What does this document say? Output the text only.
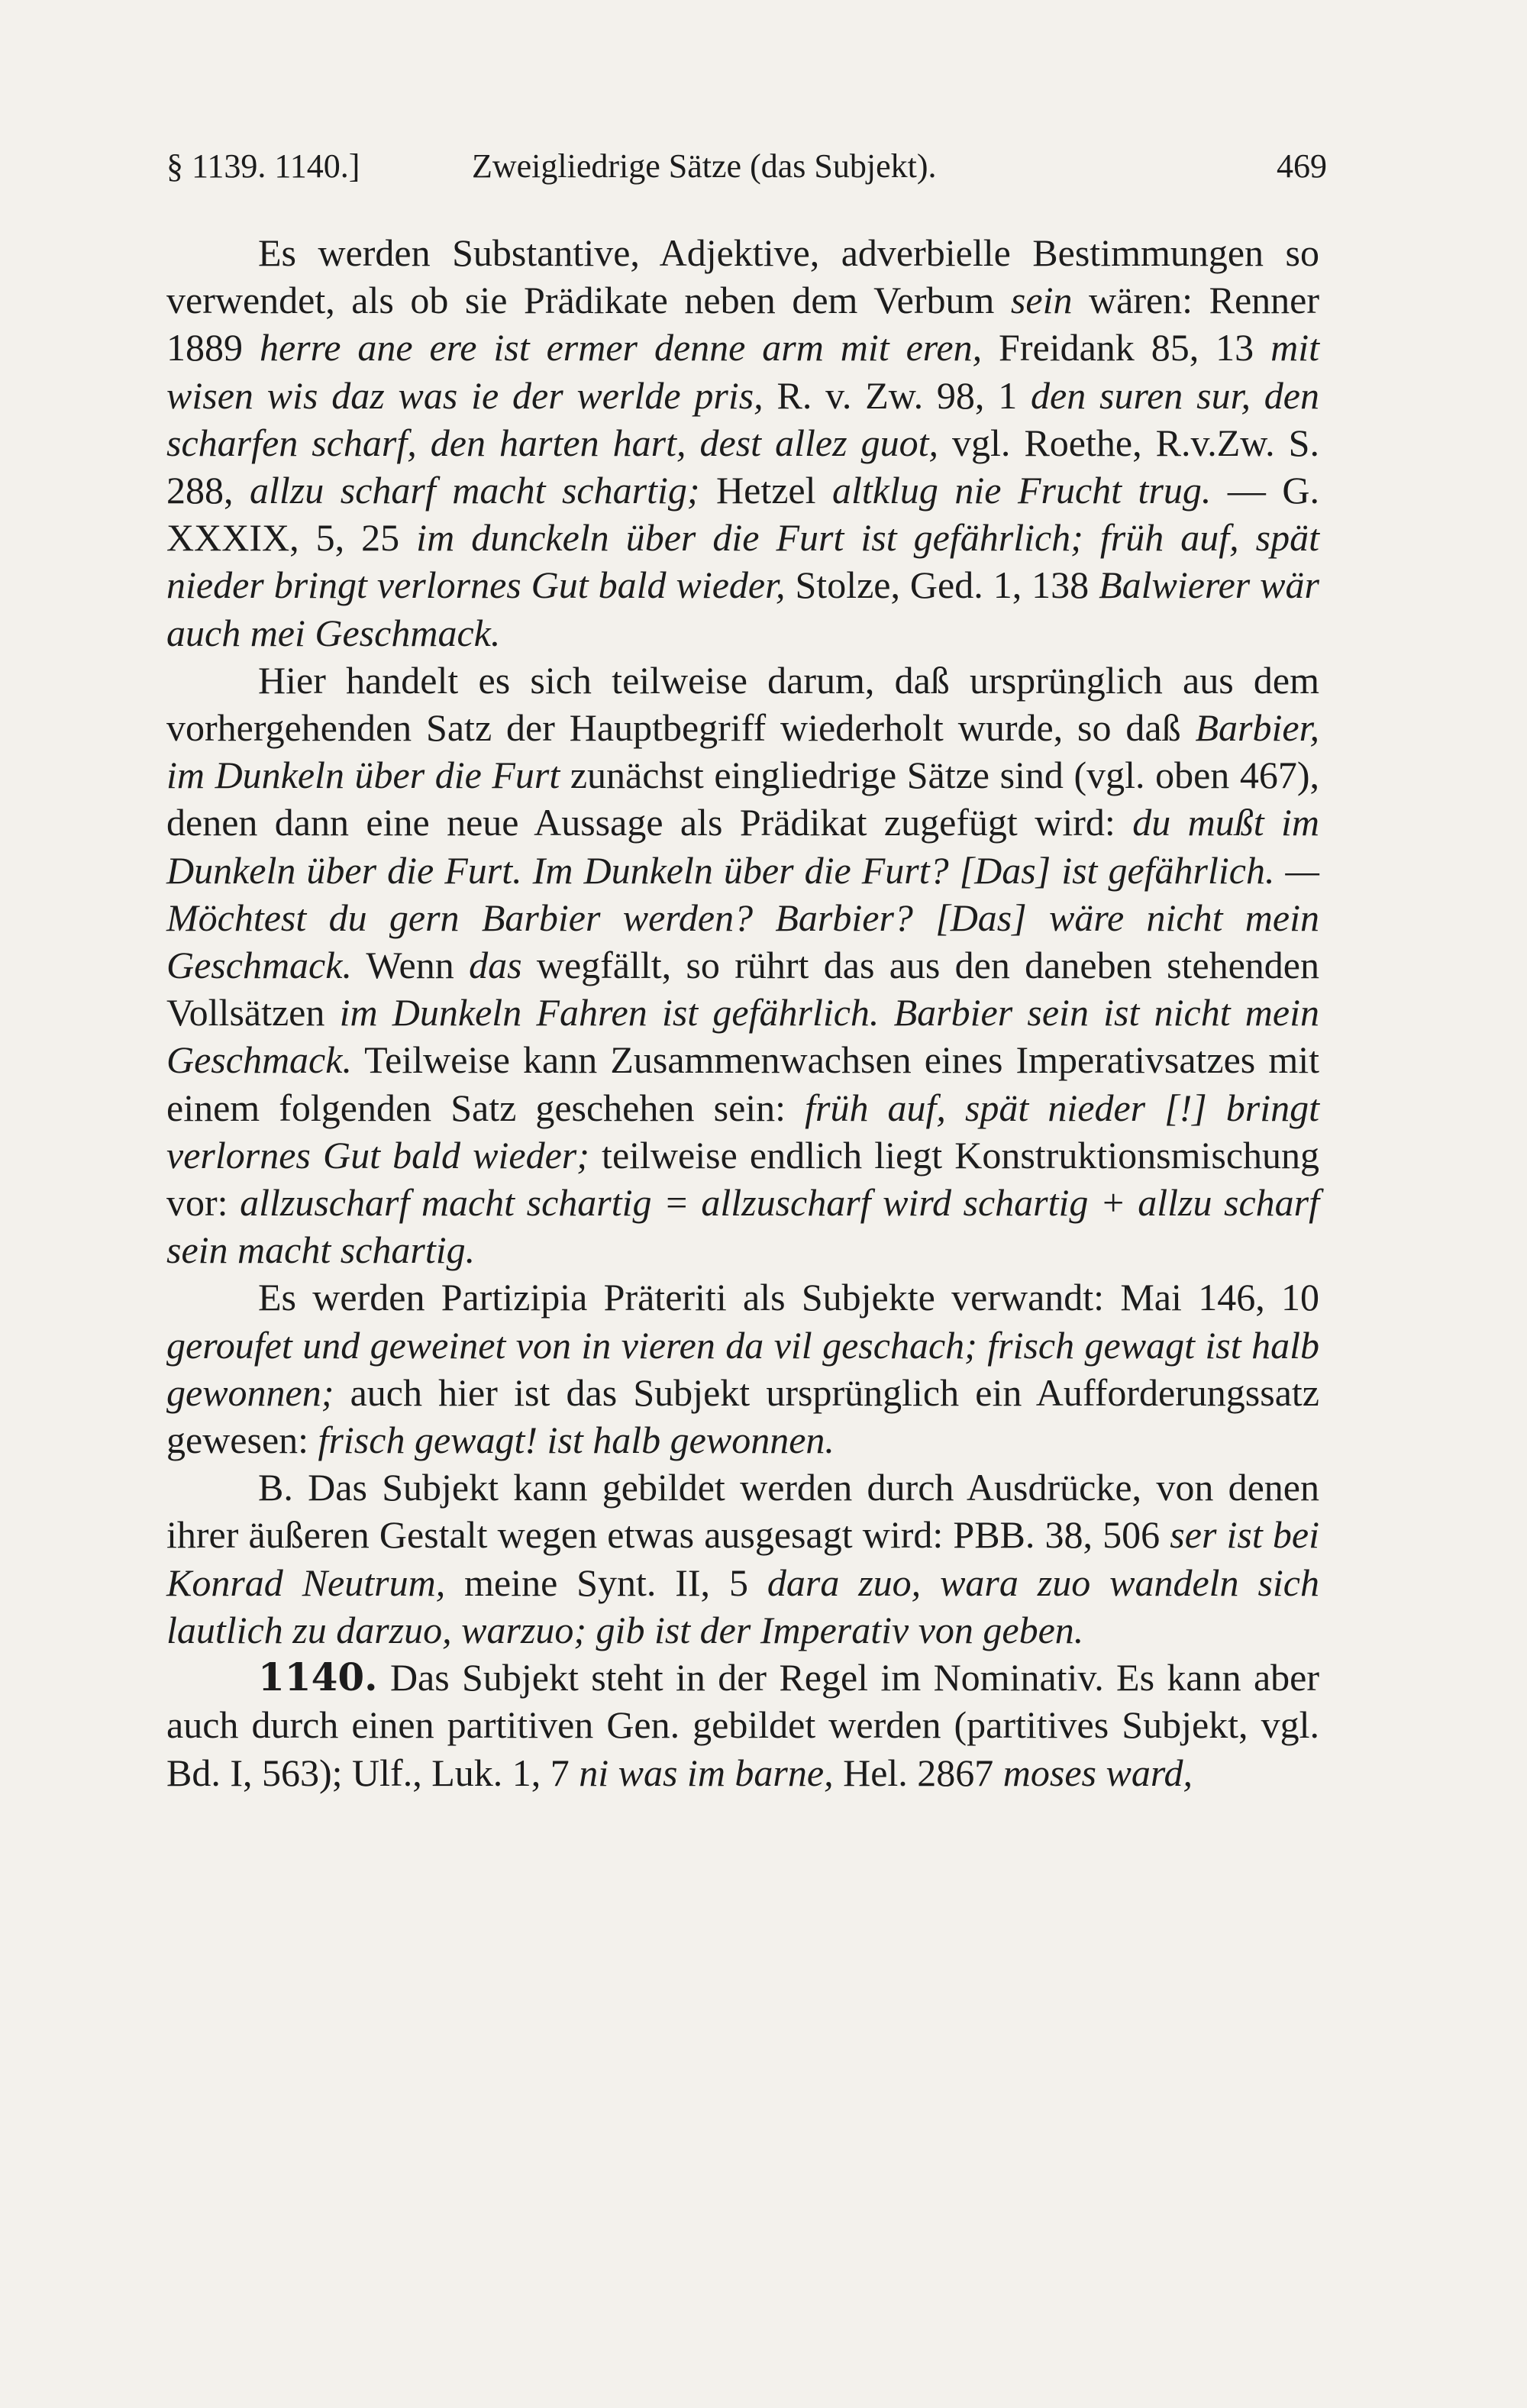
§ 1139. 1140.]	Zweigliedrige Sätze (das Subjekt).	469

Es werden Substantive, Adjektive, adverbielle Bestimmungen so verwendet, als ob sie Prädikate neben dem Verbum sein wären: Renner 1889 herre ane ere ist ermer denne arm mit eren, Freidank 85, 13 mit wisen wis daz was ie der werlde pris, R. v. Zw. 98, 1 den suren sur, den scharfen scharf, den harten hart, dest allez guot, vgl. Roethe, R.v.Zw. S. 288, allzu scharf macht schartig; Hetzel altklug nie Frucht trug. — G. XXXIX, 5, 25 im dunckeln über die Furt ist gefährlich; früh auf, spät nieder bringt verlornes Gut bald wieder, Stolze, Ged. 1, 138 Balwierer wär auch mei Geschmack.

Hier handelt es sich teilweise darum, daß ursprünglich aus dem vorhergehenden Satz der Hauptbegriff wiederholt wurde, so daß Barbier, im Dunkeln über die Furt zunächst eingliedrige Sätze sind (vgl. oben 467), denen dann eine neue Aussage als Prädikat zugefügt wird: du mußt im Dunkeln über die Furt. Im Dunkeln über die Furt? [Das] ist gefährlich. — Möchtest du gern Barbier werden? Barbier? [Das] wäre nicht mein Geschmack. Wenn das wegfällt, so rührt das aus den daneben stehenden Vollsätzen im Dunkeln Fahren ist gefährlich. Barbier sein ist nicht mein Geschmack. Teilweise kann Zusammenwachsen eines Imperativsatzes mit einem folgenden Satz geschehen sein: früh auf, spät nieder [!] bringt verlornes Gut bald wieder; teilweise endlich liegt Konstruktionsmischung vor: allzuscharf macht schartig = allzuscharf wird schartig + allzu scharf sein macht schartig.

Es werden Partizipia Präteriti als Subjekte verwandt: Mai 146, 10 geroufet und geweinet von in vieren da vil geschach; frisch gewagt ist halb gewonnen; auch hier ist das Subjekt ursprünglich ein Aufforderungssatz gewesen: frisch gewagt! ist halb gewonnen.

B. Das Subjekt kann gebildet werden durch Ausdrücke, von denen ihrer äußeren Gestalt wegen etwas ausgesagt wird: PBB. 38, 506 ser ist bei Konrad Neutrum, meine Synt. II, 5 dara zuo, wara zuo wandeln sich lautlich zu darzuo, warzuo; gib ist der Imperativ von geben.

1140. Das Subjekt steht in der Regel im Nominativ. Es kann aber auch durch einen partitiven Gen. gebildet werden (partitives Subjekt, vgl. Bd. I, 563); Ulf., Luk. 1, 7 ni was im barne, Hel. 2867 moses ward,
